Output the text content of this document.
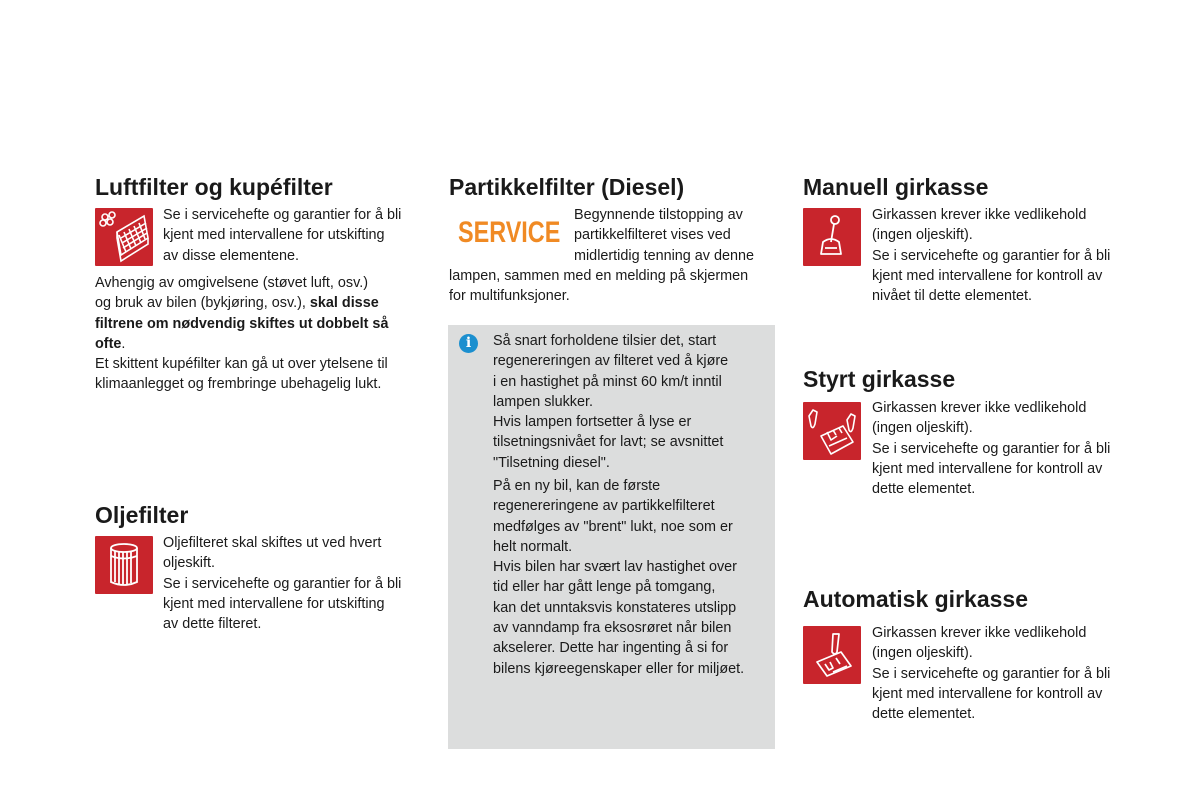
Luftfilter og kupéfilter

Se i servicehefte og garantier for å bli

kjent med intervallene for utskifting

av disse elementene.

Avhengig av omgivelsene (støvet luft, osv.)

og bruk av bilen (bykjøring, osv.), skal disse

filtrene om nødvendig skiftes ut dobbelt så

ofte.

Et skittent kupéfilter kan gå ut over ytelsene til

klimaanlegget og frembringe ubehagelig lukt.

Oljefilter

Oljefilteret skal skiftes ut ved hvert

oljeskift.

Se i servicehefte og garantier for å bli

kjent med intervallene for utskifting

av dette filteret.

Partikkelfilter (Diesel)
SERVICE

Begynnende tilstopping av

partikkelfilteret vises ved

midlertidig tenning av denne

lampen, sammen med en melding på skjermen

for multifunksjoner.

i	Så snart forholdene tilsier det, start

regenereringen av filteret ved å kjøre

i en hastighet på minst 60 km/t inntil

lampen slukker.

Hvis lampen fortsetter å lyse er

tilsetningsnivået for lavt; se avsnittet

"Tilsetning diesel".

På en ny bil, kan de første

regenereringene av partikkelfilteret

medfølges av "brent" lukt, noe som er

helt normalt.

Hvis bilen har svært lav hastighet over

tid eller har gått lenge på tomgang,

kan det unntaksvis konstateres utslipp

av vanndamp fra eksosrøret når bilen

akselerer. Dette har ingenting å si for

bilens kjøreegenskaper eller for miljøet.

Manuell girkasse

Girkassen krever ikke vedlikehold

(ingen oljeskift).

Se i servicehefte og garantier for å bli

kjent med intervallene for kontroll av

nivået til dette elementet.

Styrt girkasse

Girkassen krever ikke vedlikehold

(ingen oljeskift).

Se i servicehefte og garantier for å bli

kjent med intervallene for kontroll av

dette elementet.

Automatisk girkasse

Girkassen krever ikke vedlikehold

(ingen oljeskift).

Se i servicehefte og garantier for å bli

kjent med intervallene for kontroll av

dette elementet.
